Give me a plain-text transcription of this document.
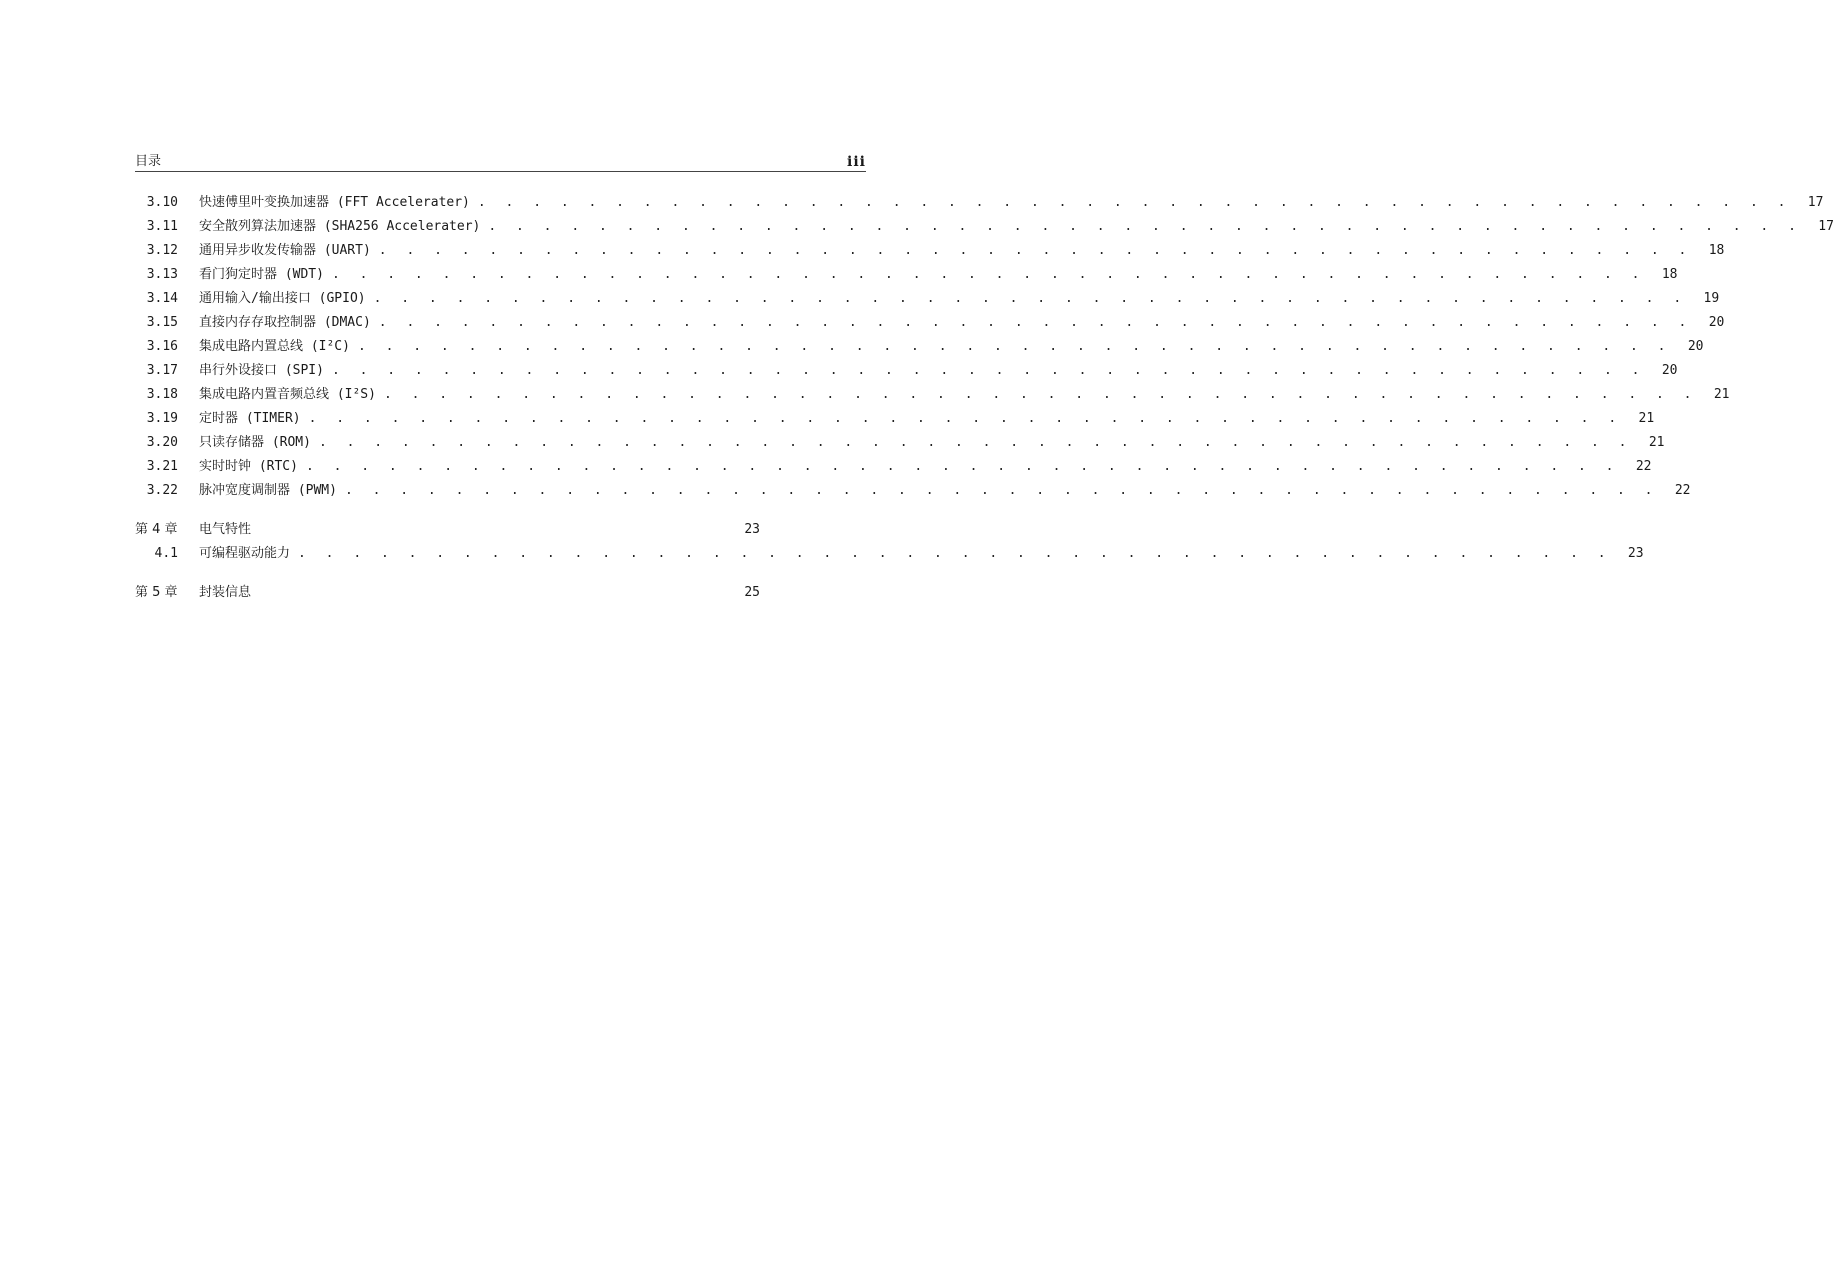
目录	iii
3.10 快速傅里叶变换加速器 (FFT Accelerater) . . . . . . . . . . . . . . . . . . . . . . . . . . . . . . . . . . . . . . . . . . . . . . . .	17
3.11 安全散列算法加速器 (SHA256 Accelerater) . . . . . . . . . . . . . . . . . . . . . . . . . . . . . . . . . . . . . . . . . . . . . . . .	17
3.12 通用异步收发传输器 (UART) . . . . . . . . . . . . . . . . . . . . . . . . . . . . . . . . . . . . . . . . . . . . . . . .	18
3.13 看门狗定时器 (WDT) . . . . . . . . . . . . . . . . . . . . . . . . . . . . . . . . . . . . . . . . . . . . . . . .	18
3.14 通用输入/输出接口 (GPIO) . . . . . . . . . . . . . . . . . . . . . . . . . . . . . . . . . . . . . . . . . . . . . . . .	19
3.15 直接内存存取控制器 (DMAC) . . . . . . . . . . . . . . . . . . . . . . . . . . . . . . . . . . . . . . . . . . . . . . . .	20
3.16 集成电路内置总线 (I²C) . . . . . . . . . . . . . . . . . . . . . . . . . . . . . . . . . . . . . . . . . . . . . . . .	20
3.17 串行外设接口 (SPI) . . . . . . . . . . . . . . . . . . . . . . . . . . . . . . . . . . . . . . . . . . . . . . . .	20
3.18 集成电路内置音频总线 (I²S) . . . . . . . . . . . . . . . . . . . . . . . . . . . . . . . . . . . . . . . . . . . . . . . .	21
3.19 定时器 (TIMER) . . . . . . . . . . . . . . . . . . . . . . . . . . . . . . . . . . . . . . . . . . . . . . . .	21
3.20 只读存储器 (ROM) . . . . . . . . . . . . . . . . . . . . . . . . . . . . . . . . . . . . . . . . . . . . . . . .	21
3.21 实时时钟 (RTC) . . . . . . . . . . . . . . . . . . . . . . . . . . . . . . . . . . . . . . . . . . . . . . . .	22
3.22 脉冲宽度调制器 (PWM) . . . . . . . . . . . . . . . . . . . . . . . . . . . . . . . . . . . . . . . . . . . . . . . .	22
第 4 章	电气特性	23
4.1 可编程驱动能力 . . . . . . . . . . . . . . . . . . . . . . . . . . . . . . . . . . . . . . . . . . . . . . . .	23
第 5 章	封装信息	25
